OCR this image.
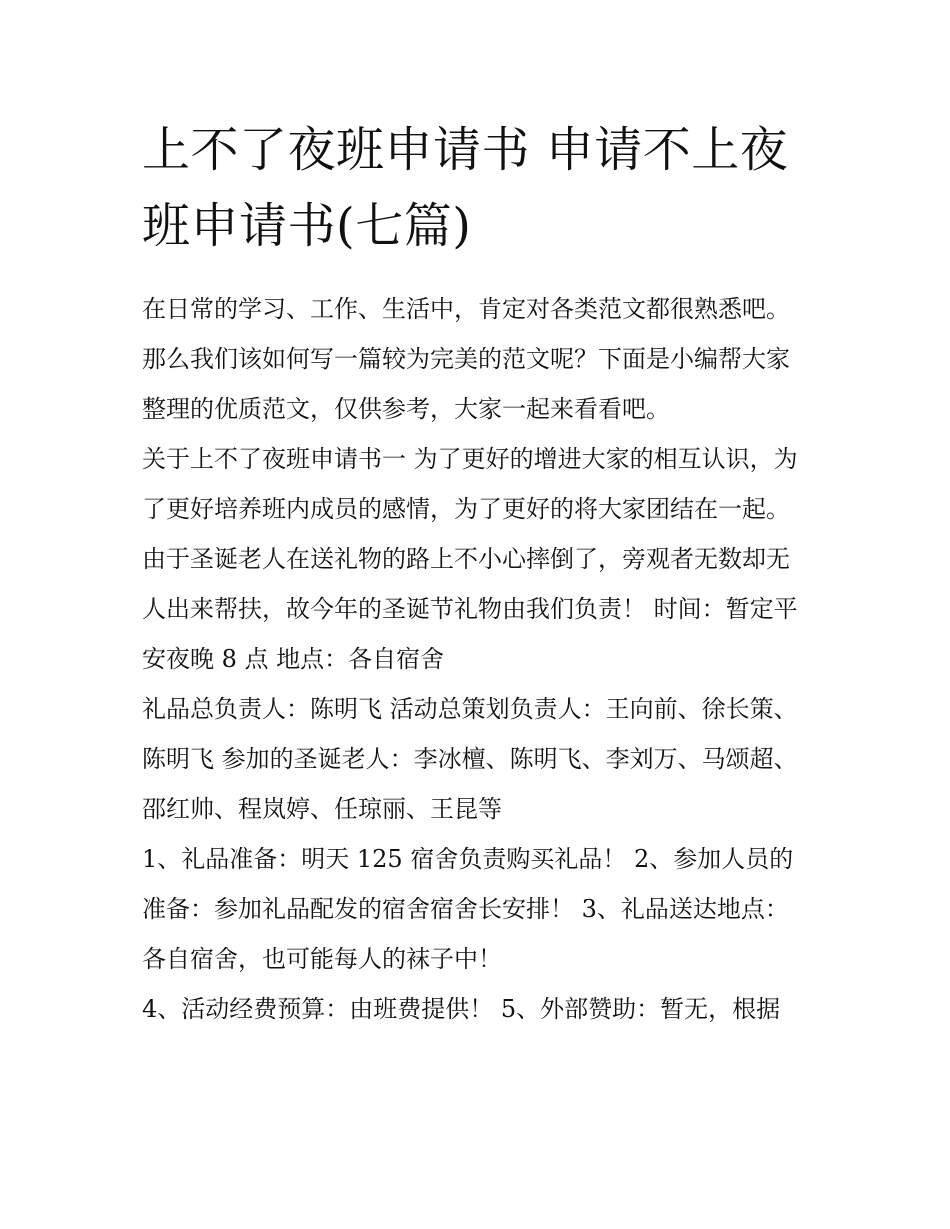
上不了夜班申请书 申请不上夜班申请书(七篇)

在日常的学习、工作、生活中，肯定对各类范文都很熟悉吧。那么我们该如何写一篇较为完美的范文呢？下面是小编帮大家整理的优质范文，仅供参考，大家一起来看看吧。

关于上不了夜班申请书一 为了更好的增进大家的相互认识，为了更好培养班内成员的感情，为了更好的将大家团结在一起。

由于圣诞老人在送礼物的路上不小心摔倒了，旁观者无数却无人出来帮扶，故今年的圣诞节礼物由我们负责！ 时间：暂定平安夜晚 8 点 地点：各自宿舍

礼品总负责人：陈明飞 活动总策划负责人：王向前、徐长策、陈明飞 参加的圣诞老人：李冰檀、陈明飞、李刘万、马颂超、邵红帅、程岚婷、任琼丽、王昆等

1、礼品准备：明天 125 宿舍负责购买礼品！ 2、参加人员的准备：参加礼品配发的宿舍宿舍长安排！ 3、礼品送达地点：各自宿舍，也可能每人的袜子中！

4、活动经费预算：由班费提供！ 5、外部赞助：暂无，根据
